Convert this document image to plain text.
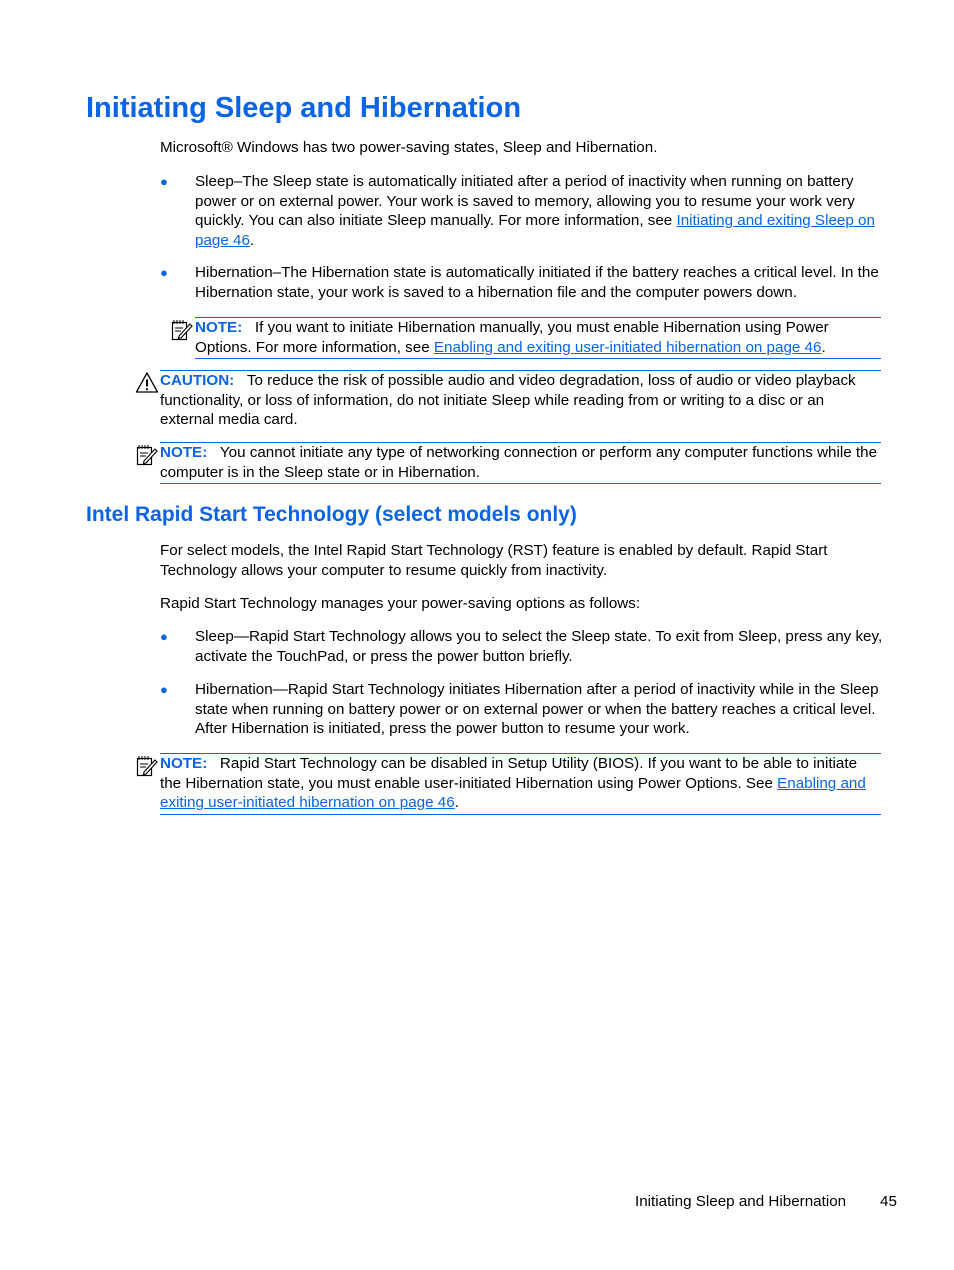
Initiating Sleep and Hibernation

Microsoft® Windows has two power-saving states, Sleep and Hibernation.

● Sleep–The Sleep state is automatically initiated after a period of inactivity when running on battery power or on external power. Your work is saved to memory, allowing you to resume your work very quickly. You can also initiate Sleep manually. For more information, see Initiating and exiting Sleep on page 46.

● Hibernation–The Hibernation state is automatically initiated if the battery reaches a critical level. In the Hibernation state, your work is saved to a hibernation file and the computer powers down.

NOTE: If you want to initiate Hibernation manually, you must enable Hibernation using Power Options. For more information, see Enabling and exiting user-initiated hibernation on page 46.

CAUTION: To reduce the risk of possible audio and video degradation, loss of audio or video playback functionality, or loss of information, do not initiate Sleep while reading from or writing to a disc or an external media card.

NOTE: You cannot initiate any type of networking connection or perform any computer functions while the computer is in the Sleep state or in Hibernation.

Intel Rapid Start Technology (select models only)

For select models, the Intel Rapid Start Technology (RST) feature is enabled by default. Rapid Start Technology allows your computer to resume quickly from inactivity.

Rapid Start Technology manages your power-saving options as follows:

● Sleep—Rapid Start Technology allows you to select the Sleep state. To exit from Sleep, press any key, activate the TouchPad, or press the power button briefly.

● Hibernation—Rapid Start Technology initiates Hibernation after a period of inactivity while in the Sleep state when running on battery power or on external power or when the battery reaches a critical level. After Hibernation is initiated, press the power button to resume your work.

NOTE: Rapid Start Technology can be disabled in Setup Utility (BIOS). If you want to be able to initiate the Hibernation state, you must enable user-initiated Hibernation using Power Options. See Enabling and exiting user-initiated hibernation on page 46.

Initiating Sleep and Hibernation 45
